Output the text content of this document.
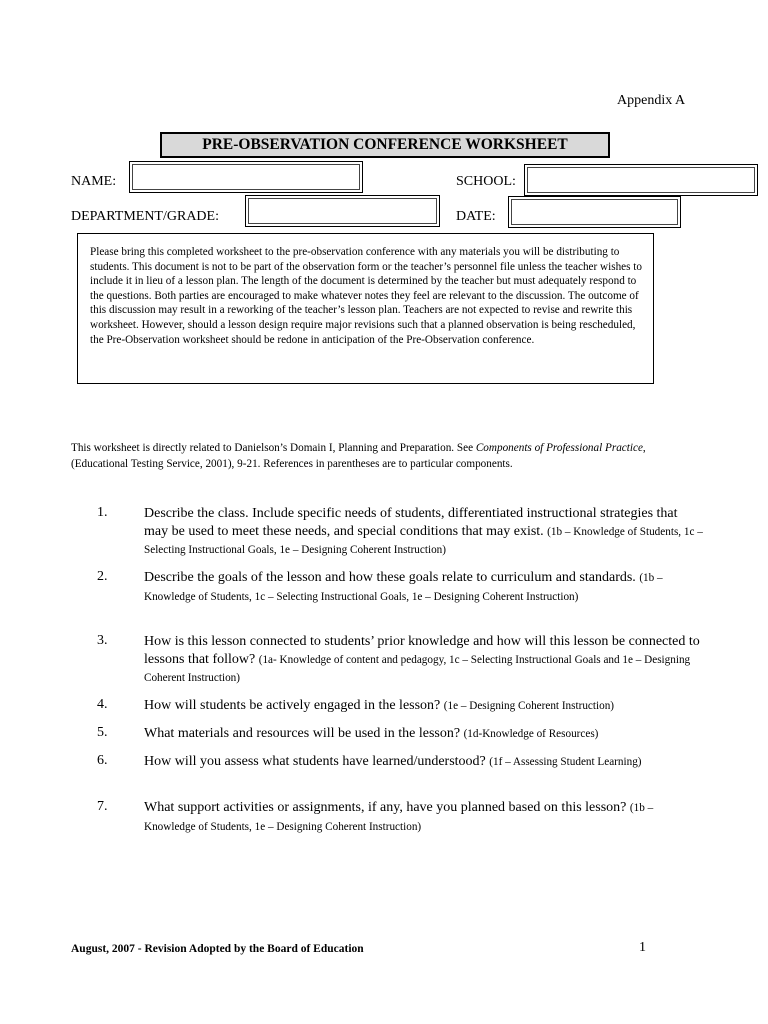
Appendix A
PRE-OBSERVATION CONFERENCE WORKSHEET
NAME:	SCHOOL:
DEPARTMENT/GRADE:	DATE:
Please bring this completed worksheet to the pre-observation conference with any materials you will be distributing to students. This document is not to be part of the observation form or the teacher’s personnel file unless the teacher wishes to include it in lieu of a lesson plan. The length of the document is determined by the teacher but must adequately respond to the questions. Both parties are encouraged to make whatever notes they feel are relevant to the discussion. The outcome of this discussion may result in a reworking of the teacher’s lesson plan. Teachers are not expected to revise and rewrite this worksheet. However, should a lesson design require major revisions such that a planned observation is being rescheduled, the Pre-Observation worksheet should be redone in anticipation of the Pre-Observation conference.
This worksheet is directly related to Danielson’s Domain I, Planning and Preparation. See Components of Professional Practice, (Educational Testing Service, 2001), 9-21. References in parentheses are to particular components.
1.	Describe the class. Include specific needs of students, differentiated instructional strategies that may be used to meet these needs, and special conditions that may exist. (1b – Knowledge of Students, 1c – Selecting Instructional Goals, 1e – Designing Coherent Instruction)
2.	Describe the goals of the lesson and how these goals relate to curriculum and standards. (1b – Knowledge of Students, 1c – Selecting Instructional Goals, 1e – Designing Coherent Instruction)
3.	How is this lesson connected to students’ prior knowledge and how will this lesson be connected to lessons that follow? (1a- Knowledge of content and pedagogy, 1c – Selecting Instructional Goals and 1e – Designing Coherent Instruction)
4.	How will students be actively engaged in the lesson? (1e – Designing Coherent Instruction)
5.	What materials and resources will be used in the lesson? (1d-Knowledge of Resources)
6.	How will you assess what students have learned/understood? (1f – Assessing Student Learning)
7.	What support activities or assignments, if any, have you planned based on this lesson? (1b – Knowledge of Students, 1e – Designing Coherent Instruction)
August, 2007 - Revision Adopted by the Board of Education	1
